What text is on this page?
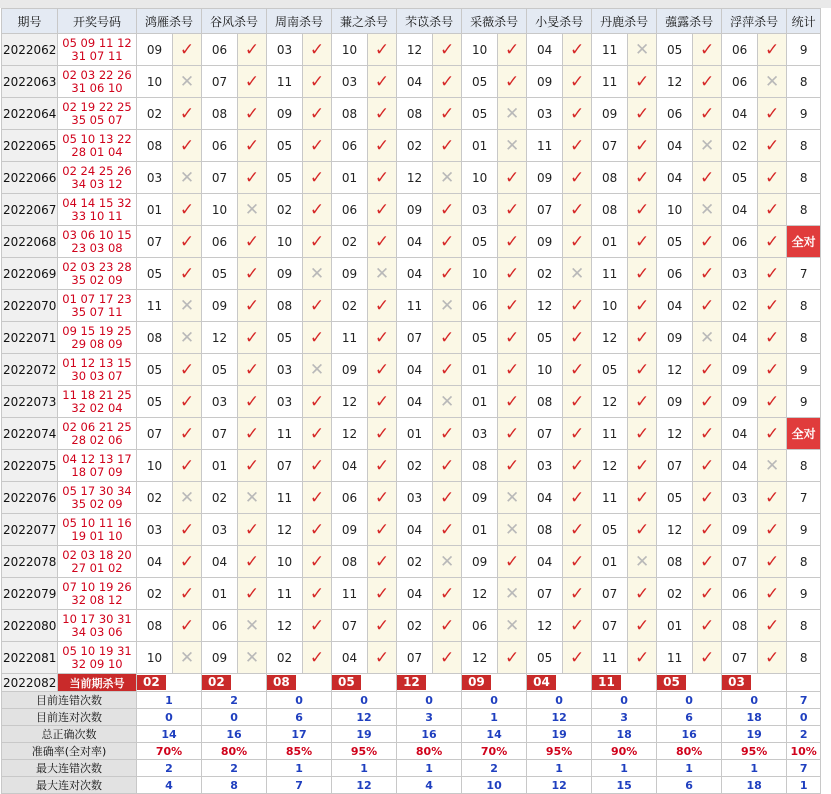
期号	开奖号码	鸿雁杀号		谷风杀号		周南杀号		蒹之杀号		芣苡杀号		采薇杀号		小旻杀号		丹鹿杀号		蔃露杀号		浮萍杀号		统计
2022062	05 09 11 12
31 07 11	09	✓	06	✓	03	✓	10	✓	12	✓	10	✓	04	✓	11	✕	05	✓	06	✓	9
2022063	02 03 22 26
31 06 10	10	✕	07	✓	11	✓	03	✓	04	✓	05	✓	09	✓	11	✓	12	✓	06	✕	8
2022064	02 19 22 25
35 05 07	02	✓	08	✓	09	✓	08	✓	08	✓	05	✕	03	✓	09	✓	06	✓	04	✓	9
2022065	05 10 13 22
28 01 04	08	✓	06	✓	05	✓	06	✓	02	✓	01	✕	11	✓	07	✓	04	✕	02	✓	8
2022066	02 24 25 26
34 03 12	03	✕	07	✓	05	✓	01	✓	12	✕	10	✓	09	✓	08	✓	04	✓	05	✓	8
2022067	04 14 15 32
33 10 11	01	✓	10	✕	02	✓	06	✓	09	✓	03	✓	07	✓	08	✓	10	✕	04	✓	8
2022068	03 06 10 15
23 03 08	07	✓	06	✓	10	✓	02	✓	04	✓	05	✓	09	✓	01	✓	05	✓	06	✓	全对
2022069	02 03 23 28
35 02 09	05	✓	05	✓	09	✕	09	✕	04	✓	10	✓	02	✕	11	✓	06	✓	03	✓	7
2022070	01 07 17 23
35 07 11	11	✕	09	✓	08	✓	02	✓	11	✕	06	✓	12	✓	10	✓	04	✓	02	✓	8
2022071	09 15 19 25
29 08 09	08	✕	12	✓	05	✓	11	✓	07	✓	05	✓	05	✓	12	✓	09	✕	04	✓	8
2022072	01 12 13 15
30 03 07	05	✓	05	✓	03	✕	09	✓	04	✓	01	✓	10	✓	05	✓	12	✓	09	✓	9
2022073	11 18 21 25
32 02 04	05	✓	03	✓	03	✓	12	✓	04	✕	01	✓	08	✓	12	✓	09	✓	09	✓	9
2022074	02 06 21 25
28 02 06	07	✓	07	✓	11	✓	12	✓	01	✓	03	✓	07	✓	11	✓	12	✓	04	✓	全对
2022075	04 12 13 17
18 07 09	10	✓	01	✓	07	✓	04	✓	02	✓	08	✓	03	✓	12	✓	07	✓	04	✕	8
2022076	05 17 30 34
35 02 09	02	✕	02	✕	11	✓	06	✓	03	✓	09	✕	04	✓	11	✓	05	✓	03	✓	7
2022077	05 10 11 16
19 01 10	03	✓	03	✓	12	✓	09	✓	04	✓	01	✕	08	✓	05	✓	12	✓	09	✓	9
2022078	02 03 18 20
27 01 02	04	✓	04	✓	10	✓	08	✓	02	✕	09	✓	04	✓	01	✕	08	✓	07	✓	8
2022079	07 10 19 26
32 08 12	02	✓	01	✓	11	✓	11	✓	04	✓	12	✕	07	✓	07	✓	02	✓	06	✓	9
2022080	10 17 30 31
34 03 06	08	✓	06	✕	12	✓	07	✓	02	✓	06	✕	12	✓	07	✓	01	✓	08	✓	8
2022081	05 10 19 31
32 09 10	10	✕	09	✕	02	✓	04	✓	07	✓	12	✓	05	✓	11	✓	11	✓	07	✓	8
2022082	当前期杀号	02		02		08		05		12		09		04		11		05		03		
目前连错次数		1		2		0		0		0		0		0		0		0		0		7
目前连对次数		0		0		6		12		3		1		12		3		6		18		0
总正确次数		14		16		17		19		16		14		19		18		16		19		2
准确率(全对率)		70%		80%		85%		95%		80%		70%		95%		90%		80%		95%		10%
最大连错次数		2		2		1		1		1		2		1		1		1		1		7
最大连对次数		4		8		7		12		4		10		12		15		6		18		1
